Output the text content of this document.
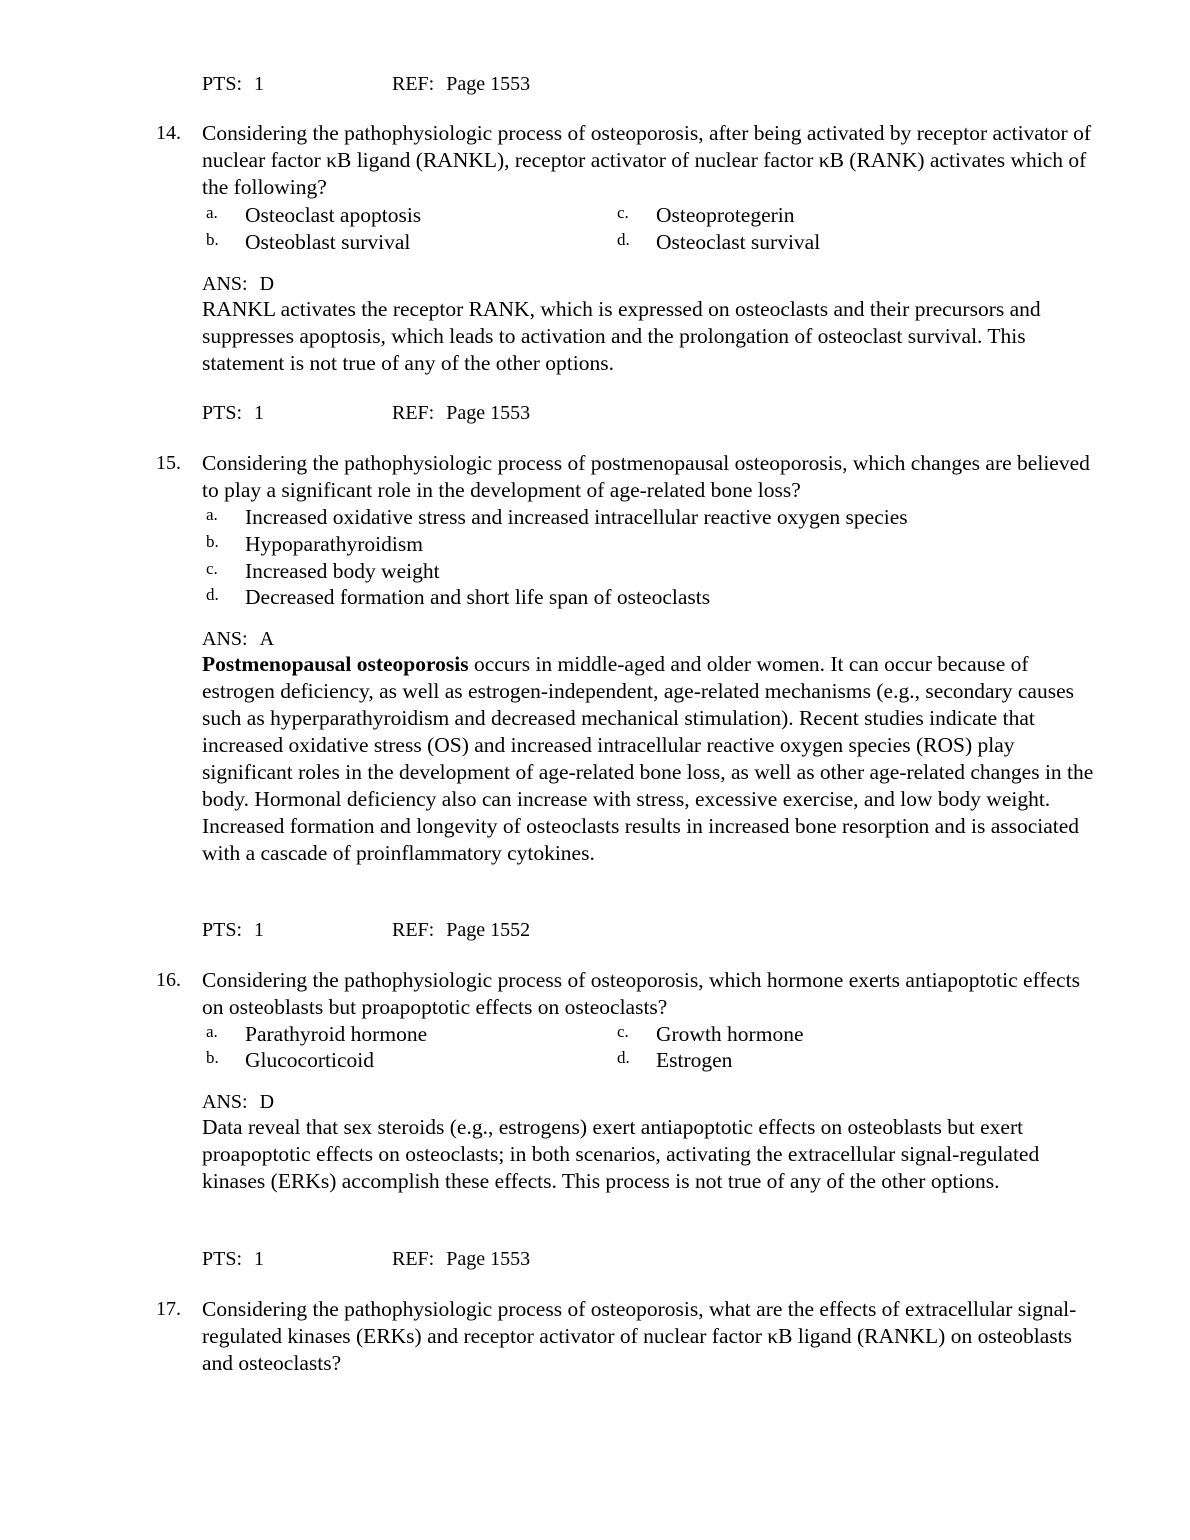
PTS: 1	REF: Page 1553
14. Considering the pathophysiologic process of osteoporosis, after being activated by receptor activator of nuclear factor κB ligand (RANKL), receptor activator of nuclear factor κB (RANK) activates which of the following?
a. Osteoclast apoptosis
b. Osteoblast survival
c. Osteoprotegerin
d. Osteoclast survival
ANS: D
RANKL activates the receptor RANK, which is expressed on osteoclasts and their precursors and suppresses apoptosis, which leads to activation and the prolongation of osteoclast survival. This statement is not true of any of the other options.
PTS: 1	REF: Page 1553
15. Considering the pathophysiologic process of postmenopausal osteoporosis, which changes are believed to play a significant role in the development of age-related bone loss?
a. Increased oxidative stress and increased intracellular reactive oxygen species
b. Hypoparathyroidism
c. Increased body weight
d. Decreased formation and short life span of osteoclasts
ANS: A
Postmenopausal osteoporosis occurs in middle-aged and older women. It can occur because of estrogen deficiency, as well as estrogen-independent, age-related mechanisms (e.g., secondary causes such as hyperparathyroidism and decreased mechanical stimulation). Recent studies indicate that increased oxidative stress (OS) and increased intracellular reactive oxygen species (ROS) play significant roles in the development of age-related bone loss, as well as other age-related changes in the body. Hormonal deficiency also can increase with stress, excessive exercise, and low body weight. Increased formation and longevity of osteoclasts results in increased bone resorption and is associated with a cascade of proinflammatory cytokines.
PTS: 1	REF: Page 1552
16. Considering the pathophysiologic process of osteoporosis, which hormone exerts antiapoptotic effects on osteoblasts but proapoptotic effects on osteoclasts?
a. Parathyroid hormone
b. Glucocorticoid
c. Growth hormone
d. Estrogen
ANS: D
Data reveal that sex steroids (e.g., estrogens) exert antiapoptotic effects on osteoblasts but exert proapoptotic effects on osteoclasts; in both scenarios, activating the extracellular signal-regulated kinases (ERKs) accomplish these effects. This process is not true of any of the other options.
PTS: 1	REF: Page 1553
17. Considering the pathophysiologic process of osteoporosis, what are the effects of extracellular signal-regulated kinases (ERKs) and receptor activator of nuclear factor κB ligand (RANKL) on osteoblasts and osteoclasts?
